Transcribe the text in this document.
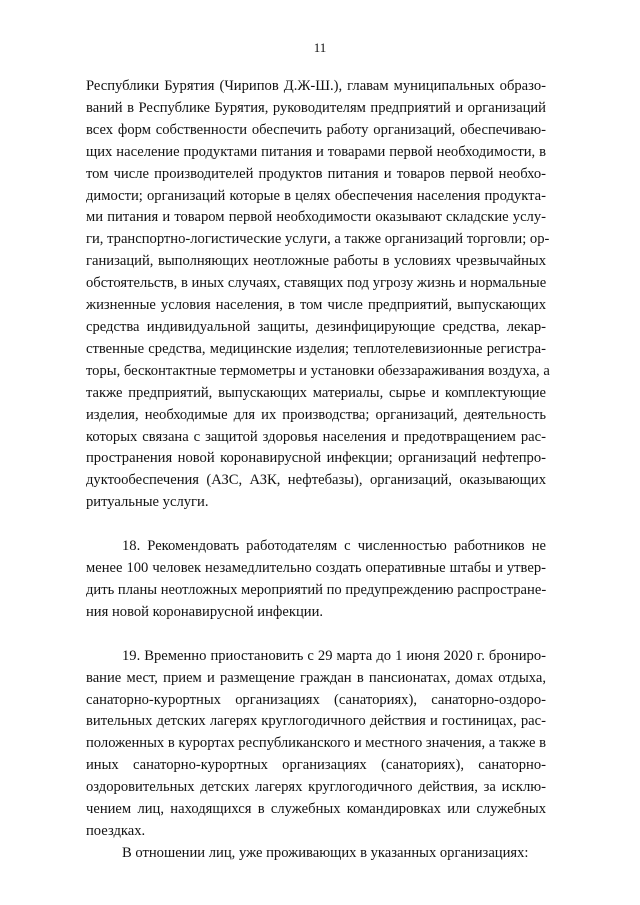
11
Республики Бурятия (Чирипов Д.Ж-Ш.), главам муниципальных образо-
ваний в Республике Бурятия, руководителям предприятий и организаций
всех форм собственности обеспечить работу организаций, обеспечиваю-
щих население продуктами питания и товарами первой необходимости, в
том числе производителей продуктов питания и товаров первой необхо-
димости; организаций которые в целях обеспечения населения продукта-
ми питания и товаром первой необходимости оказывают складские услу-
ги, транспортно-логистические услуги, а также организаций торговли; ор-
ганизаций, выполняющих неотложные работы в условиях чрезвычайных
обстоятельств, в иных случаях, ставящих под угрозу жизнь и нормальные
жизненные условия населения, в том числе предприятий, выпускающих
средства индивидуальной защиты, дезинфицирующие средства, лекар-
ственные средства, медицинские изделия; теплотелевизионные регистра-
торы, бесконтактные термометры и установки обеззараживания воздуха, а
также предприятий, выпускающих материалы, сырье и комплектующие
изделия, необходимые для их производства; организаций, деятельность
которых связана с защитой здоровья населения и предотвращением рас-
пространения новой коронавирусной инфекции; организаций нефтепро-
дуктообеспечения (АЗС, АЗК, нефтебазы), организаций, оказывающих
ритуальные услуги.
18. Рекомендовать работодателям с численностью работников не
менее 100 человек незамедлительно создать оперативные штабы и утвер-
дить планы неотложных мероприятий по предупреждению распростране-
ния новой коронавирусной инфекции.
19. Временно приостановить с 29 марта до 1 июня 2020 г. брониро-
вание мест, прием и размещение граждан в пансионатах, домах отдыха,
санаторно-курортных организациях (санаториях), санаторно-оздоро-
вительных детских лагерях круглогодичного действия и гостиницах, рас-
положенных в курортах республиканского и местного значения, а также в
иных санаторно-курортных организациях (санаториях), санаторно-
оздоровительных детских лагерях круглогодичного действия, за исклю-
чением лиц, находящихся в служебных командировках или служебных
поездках.
В отношении лиц, уже проживающих в указанных организациях:
